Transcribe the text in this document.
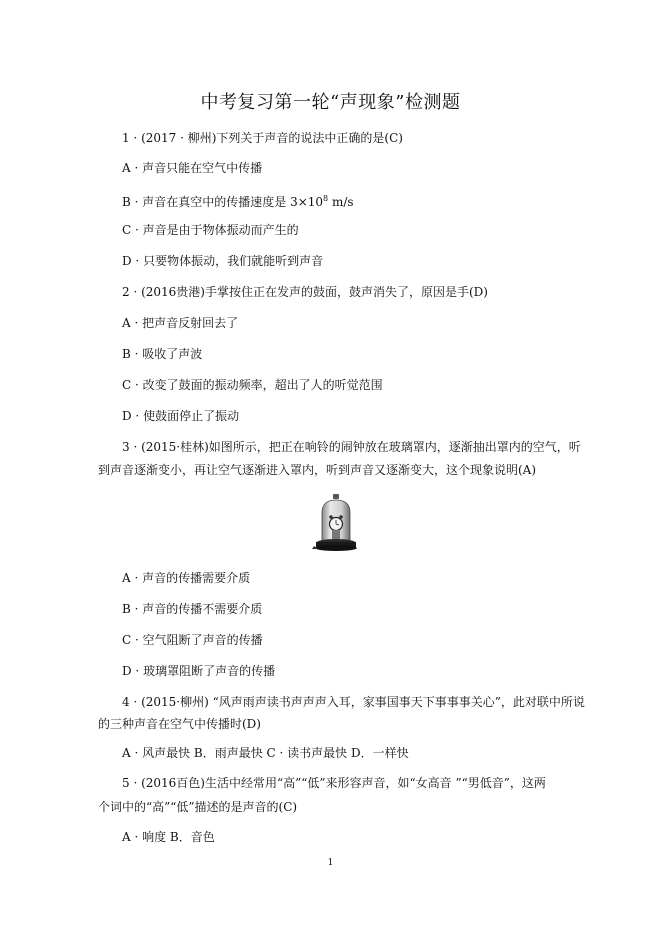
中考复习第一轮“声现象”检测题
1 · (2017 · 柳州)下列关于声音的说法中正确的是(C)
A · 声音只能在空气中传播
B · 声音在真空中的传播速度是 $3\times 10^8$ m/s
C · 声音是由于物体振动而产生的
D · 只要物体振动，我们就能听到声音
2 · (2016贵港)手掌按住正在发声的鼓面，鼓声消失了，原因是手(D)
A · 把声音反射回去了
B · 吸收了声波
C · 改变了鼓面的振动频率，超出了人的听觉范围
D · 使鼓面停止了振动
3 · (2015·桂林)如图所示，把正在响铃的闹钟放在玻璃罩内，逐渐抽出罩内的空气，听
到声音逐渐变小，再让空气逐渐进入罩内，听到声音又逐渐变大，这个现象说明(A)
A · 声音的传播需要介质
B · 声音的传播不需要介质
C · 空气阻断了声音的传播
D · 玻璃罩阻断了声音的传播
4 · (2015·柳州) “风声雨声读书声声声入耳，家事国事天下事事事关心”，此对联中所说
的三种声音在空气中传播时(D)
A · 风声最快 B．雨声最快 C · 读书声最快 D．一样快
5 · (2016百色)生活中经常用“高”“低”来形容声音，如“女高音 ”“男低音”，这两
个词中的“高”“低”描述的是声音的(C)
A · 响度 B．音色
1
